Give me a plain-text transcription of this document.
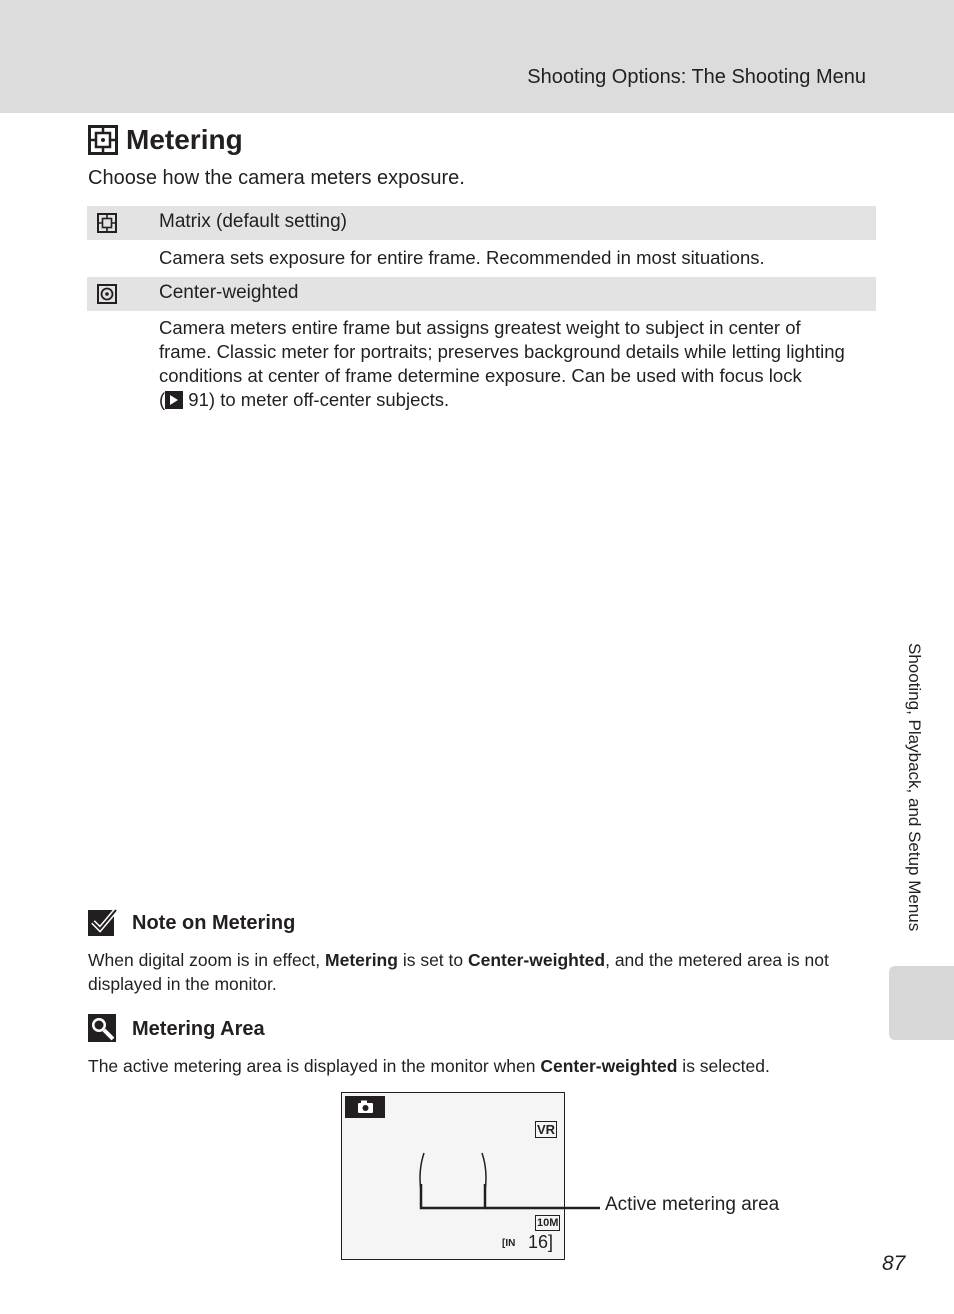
Shooting Options: The Shooting Menu
Metering
Choose how the camera meters exposure.
Matrix (default setting)
Camera sets exposure for entire frame. Recommended in most situations.
Center-weighted
Camera meters entire frame but assigns greatest weight to subject in center of
frame. Classic meter for portraits; preserves background details while letting lighting
conditions at center of frame determine exposure. Can be used with focus lock
( 91) to meter off-center subjects.
Shooting, Playback, and Setup Menus
Note on Metering
When digital zoom is in effect, Metering is set to Center-weighted, and the metered area is not
displayed in the monitor.
Metering Area
The active metering area is displayed in the monitor when Center-weighted is selected.
VR
10M
[IN 16 ]
Active metering area
87
